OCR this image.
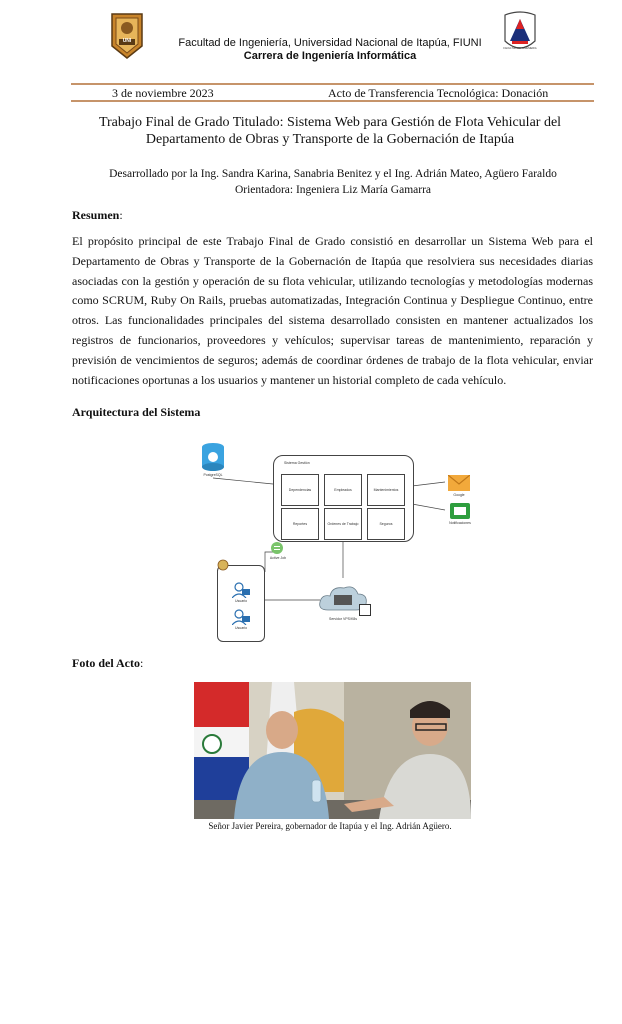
UNI
FACULTAD DE INGENIERÍA
Facultad de Ingeniería, Universidad Nacional de Itapúa, FIUNI
Carrera de Ingeniería Informática
3 de noviembre 2023	Acto de Transferencia Tecnológica: Donación
Trabajo Final de Grado Titulado: Sistema Web para Gestión de Flota Vehicular del
Departamento de Obras y Transporte de la Gobernación de Itapúa
Desarrollado por la Ing. Sandra Karina, Sanabria Benitez y el Ing. Adrián Mateo, Agüero Faraldo
Orientadora: Ingeniera Liz María Gamarra
Resumen:
El propósito principal de este Trabajo Final de Grado consistió en desarrollar un Sistema Web para el Departamento de Obras y Transporte de la Gobernación de Itapúa que resolviera sus necesidades diarias asociadas con la gestión y operación de su flota vehicular, utilizando tecnologías y metodologías modernas como SCRUM, Ruby On Rails, pruebas automatizadas, Integración Continua y Despliegue Continuo, entre otros. Las funcionalidades principales del sistema desarrollado consisten en mantener actualizados los registros de funcionarios, proveedores y vehículos; supervisar tareas de mantenimiento, reparación y previsión de vencimientos de seguros; además de coordinar órdenes de trabajo de la flota vehicular, enviar notificaciones oportunas a los usuarios y mantener un historial completo de cada vehículo.
Arquitectura del Sistema
PostgreSQL
Sistema Gestión
Dependencias	Empleados	Mantenimientos
Reportes	Ordenes de Trabajo	Seguros
Google
Notificaciones
Active Job
Usuario
Usuario
Servidor VPS/K8s
Foto del Acto:
Señor Javier Pereira, gobernador de Itapúa y el Ing. Adrián Agüero.
